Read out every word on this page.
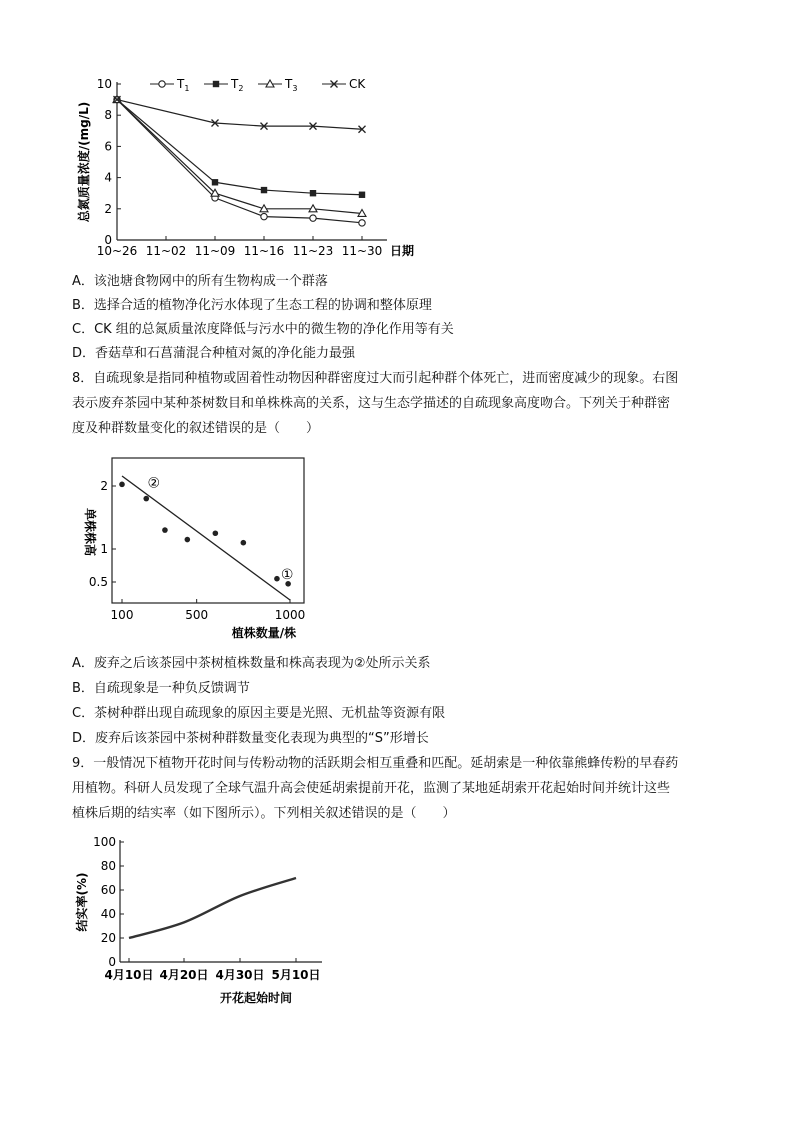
总氮质量浓度/(mg/L)
日期
0
2
4
6
8
10
10~26 11~02 11~09 11~16 11~23 11~30
$T_1$	$T_2$	$T_3$	CK
A．该池塘食物网中的所有生物构成一个群落
B．选择合适的植物净化污水体现了生态工程的协调和整体原理
C．CK 组的总氮质量浓度降低与污水中的微生物的净化作用等有关
D．香菇草和石菖蒲混合种植对氮的净化能力最强
8．自疏现象是指同种植物或固着性动物因种群密度过大而引起种群个体死亡，进而密度减少的现象。右图
表示废弃茶园中某种茶树数目和单株株高的关系，这与生态学描述的自疏现象高度吻合。下列关于种群密
度及种群数量变化的叙述错误的是（　　）
单株株高
植株数量/株
0.5
1
2
100	500	1000
②
①
A．废弃之后该茶园中茶树植株数量和株高表现为②处所示关系
B．自疏现象是一种负反馈调节
C．茶树种群出现自疏现象的原因主要是光照、无机盐等资源有限
D．废弃后该茶园中茶树种群数量变化表现为典型的“S”形增长
9．一般情况下植物开花时间与传粉动物的活跃期会相互重叠和匹配。延胡索是一种依靠熊蜂传粉的早春药
用植物。科研人员发现了全球气温升高会使延胡索提前开花，监测了某地延胡索开花起始时间并统计这些
植株后期的结实率（如下图所示）。下列相关叙述错误的是（　　）
结实率(%)
开花起始时间
0
20
40
60
80
100
4月10日 4月20日 4月30日 5月10日
